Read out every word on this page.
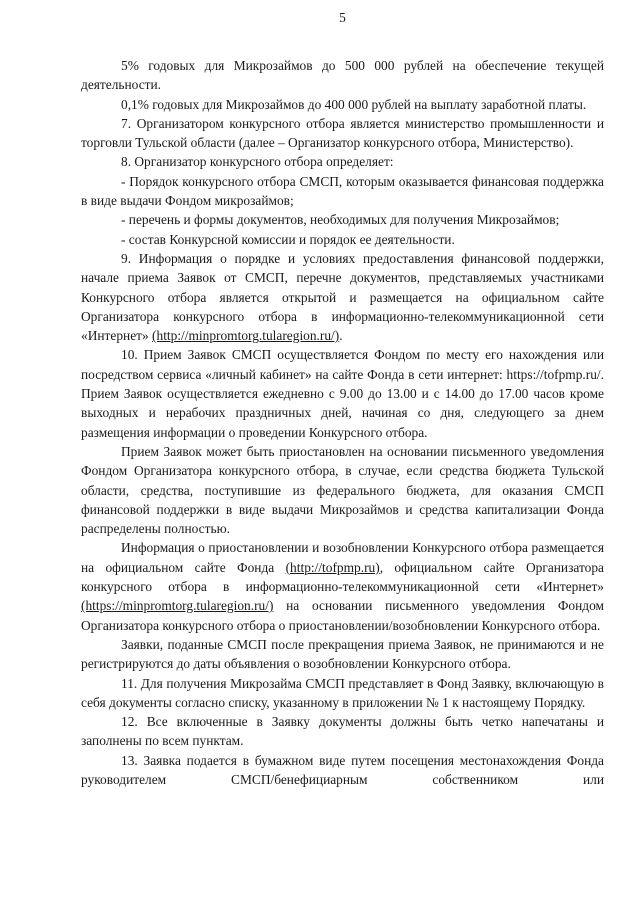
5

5% годовых для Микрозаймов до 500 000 рублей на обеспечение текущей деятельности.

0,1% годовых для Микрозаймов до 400 000 рублей на выплату заработной платы.

7. Организатором конкурсного отбора является министерство промышленности и торговли Тульской области (далее – Организатор конкурсного отбора, Министерство).

8. Организатор конкурсного отбора определяет:

- Порядок конкурсного отбора СМСП, которым оказывается финансовая поддержка в виде выдачи Фондом микрозаймов;

- перечень и формы документов, необходимых для получения Микрозаймов;

- состав Конкурсной комиссии и порядок ее деятельности.

9. Информация о порядке и условиях предоставления финансовой поддержки, начале приема Заявок от СМСП, перечне документов, представляемых участниками Конкурсного отбора является открытой и размещается на официальном сайте Организатора конкурсного отбора в информационно-телекоммуникационной сети «Интернет» (http://minpromtorg.tularegion.ru/).

10. Прием Заявок СМСП осуществляется Фондом по месту его нахождения или посредством сервиса «личный кабинет» на сайте Фонда в сети интернет: https://tofpmp.ru/. Прием Заявок осуществляется ежедневно с 9.00 до 13.00 и с 14.00 до 17.00 часов кроме выходных и нерабочих праздничных дней, начиная со дня, следующего за днем размещения информации о проведении Конкурсного отбора.

Прием Заявок может быть приостановлен на основании письменного уведомления Фондом Организатора конкурсного отбора, в случае, если средства бюджета Тульской области, средства, поступившие из федерального бюджета, для оказания СМСП финансовой поддержки в виде выдачи Микрозаймов и средства капитализации Фонда распределены полностью.

Информация о приостановлении и возобновлении Конкурсного отбора размещается на официальном сайте Фонда (http://tofpmp.ru), официальном сайте Организатора конкурсного отбора в информационно-телекоммуникационной сети «Интернет» (https://minpromtorg.tularegion.ru/) на основании письменного уведомления Фондом Организатора конкурсного отбора о приостановлении/возобновлении Конкурсного отбора.

Заявки, поданные СМСП после прекращения приема Заявок, не принимаются и не регистрируются до даты объявления о возобновлении Конкурсного отбора.

11. Для получения Микрозайма СМСП представляет в Фонд Заявку, включающую в себя документы согласно списку, указанному в приложении № 1 к настоящему Порядку.

12. Все включенные в Заявку документы должны быть четко напечатаны и заполнены по всем пунктам.

13. Заявка подается в бумажном виде путем посещения местонахождения Фонда руководителем СМСП/бенефициарным собственником или
